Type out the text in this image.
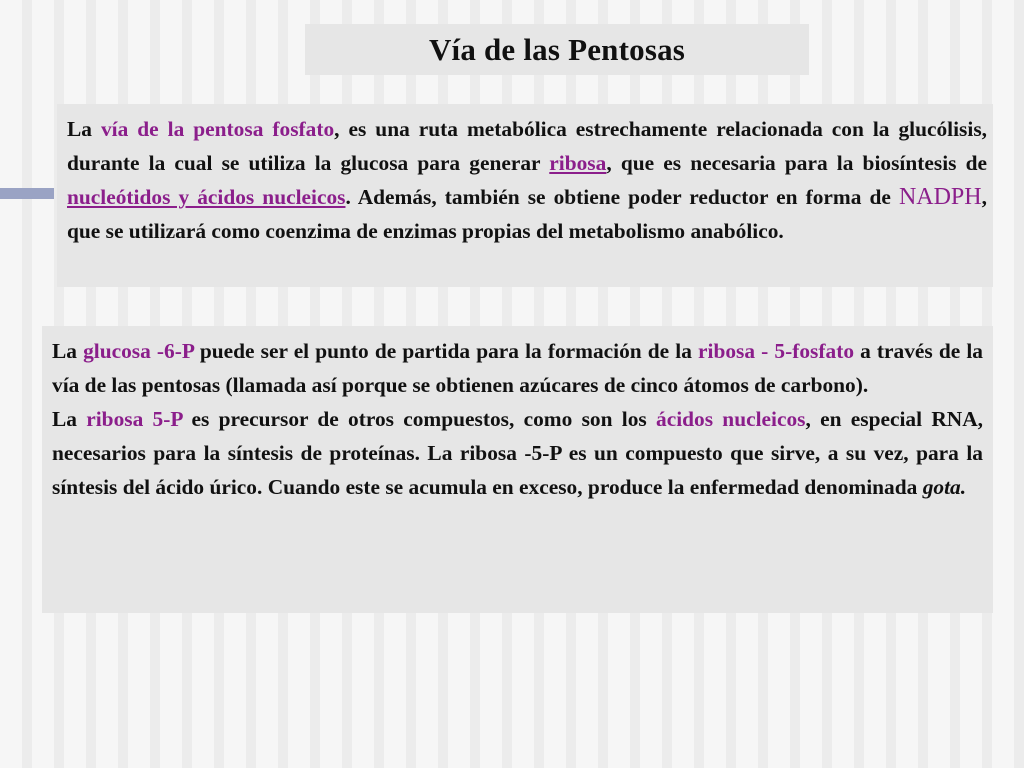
Vía de las Pentosas

La vía de la pentosa fosfato, es una ruta metabólica estrechamente relacionada con la glucólisis, durante la cual se utiliza la glucosa para generar ribosa, que es necesaria para la biosíntesis de nucleótidos y ácidos nucleicos. Además, también se obtiene poder reductor en forma de NADPH, que se utilizará como coenzima de enzimas propias del metabolismo anabólico.

La glucosa -6-P puede ser el punto de partida para la formación de la ribosa - 5-fosfato a través de la vía de las pentosas (llamada así porque se obtienen azúcares de cinco átomos de carbono).

La ribosa 5-P es precursor de otros compuestos, como son los ácidos nucleicos, en especial RNA, necesarios para la síntesis de proteínas. La ribosa -5-P es un compuesto que sirve, a su vez, para la síntesis del ácido úrico. Cuando este se acumula en exceso, produce la enfermedad denominada gota.
